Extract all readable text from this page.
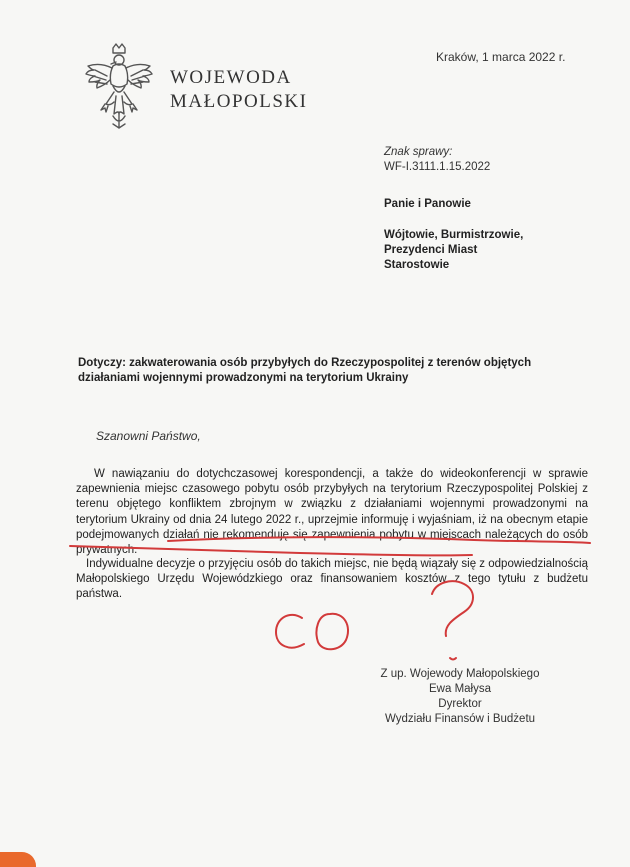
WOJEWODA
MAŁOPOLSKI
Kraków, 1 marca 2022 r.
Znak sprawy:
WF-I.3111.1.15.2022
Panie i Panowie
Wójtowie, Burmistrzowie,
Prezydenci Miast
Starostowie
Dotyczy: zakwaterowania osób przybyłych do Rzeczypospolitej z terenów objętych działaniami wojennymi prowadzonymi na terytorium Ukrainy
Szanowni Państwo,
W nawiązaniu do dotychczasowej korespondencji, a także do wideokonferencji w sprawie zapewnienia miejsc czasowego pobytu osób przybyłych na terytorium Rzeczypospolitej Polskiej z terenu objętego konfliktem zbrojnym w związku z działaniami wojennymi prowadzonymi na terytorium Ukrainy od dnia 24 lutego 2022 r., uprzejmie informuję i wyjaśniam, iż na obecnym etapie podejmowanych działań nie rekomenduję się zapewnienia pobytu w miejscach należących do osób prywatnych.
Indywidualne decyzje o przyjęciu osób do takich miejsc, nie będą wiązały się z odpowiedzialnością Małopolskiego Urzędu Wojewódzkiego oraz finansowaniem kosztów z tego tytułu z budżetu państwa.
Z up. Wojewody Małopolskiego
Ewa Małysa
Dyrektor
Wydziału Finansów i Budżetu
